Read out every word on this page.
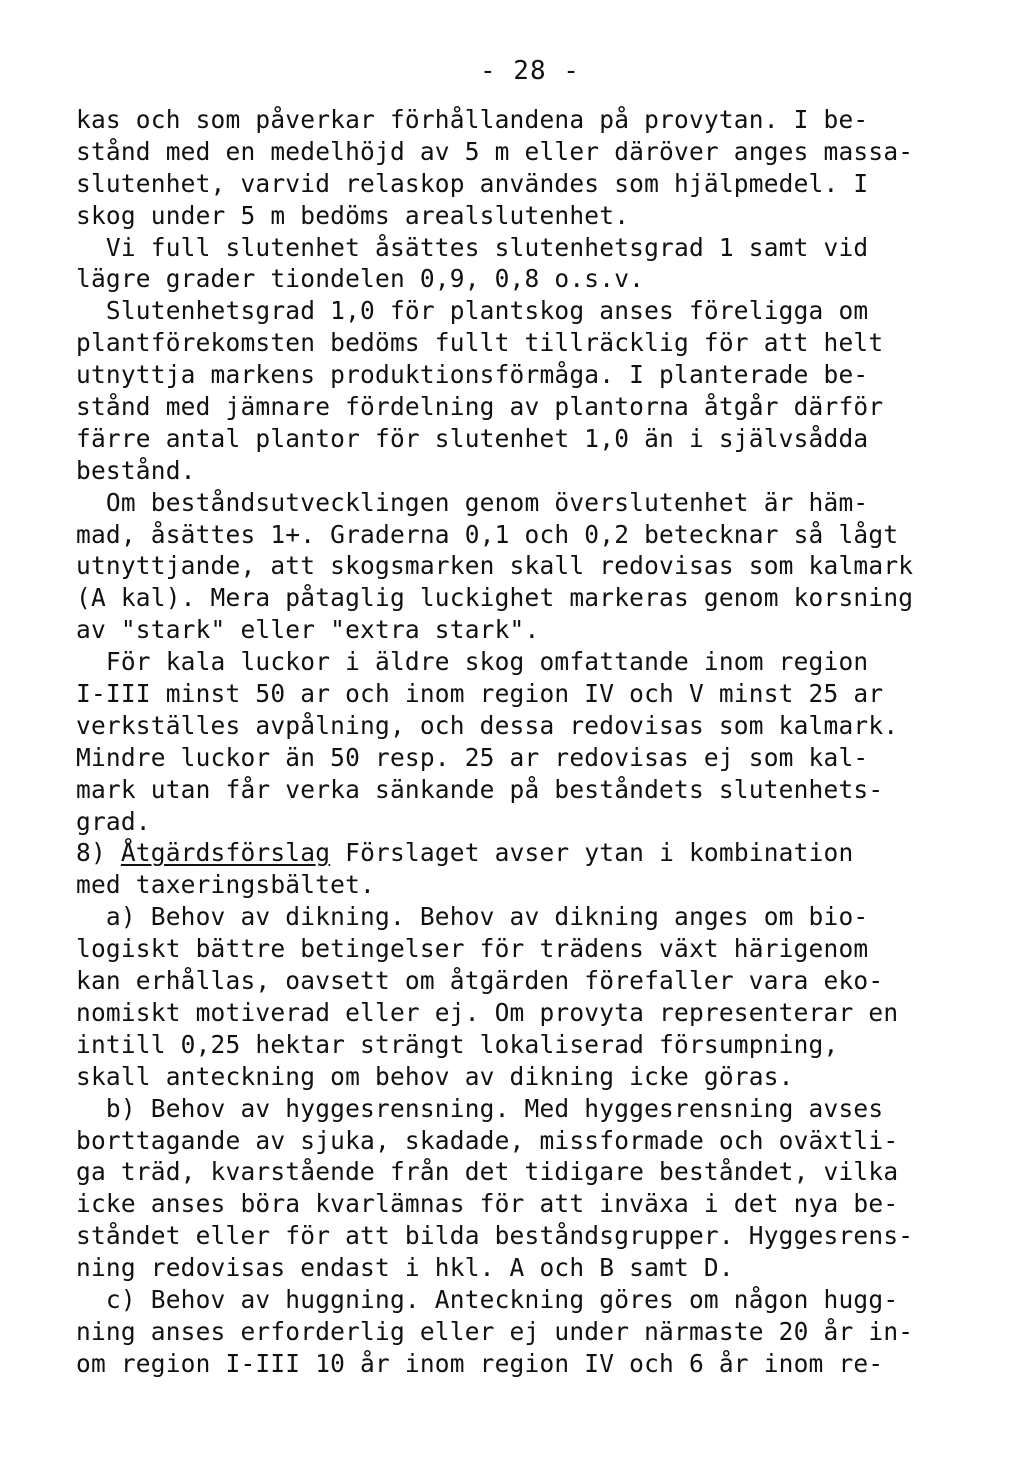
- 28 -
kas och som påverkar förhållandena på provytan. I be-
stånd med en medelhöjd av 5 m eller däröver anges massa-
slutenhet, varvid relaskop användes som hjälpmedel. I
skog under 5 m bedöms arealslutenhet.
Vi full slutenhet åsättes slutenhetsgrad 1 samt vid
lägre grader tiondelen 0,9, 0,8 o.s.v.
Slutenhetsgrad 1,0 för plantskog anses föreligga om
plantförekomsten bedöms fullt tillräcklig för att helt
utnyttja markens produktionsförmåga. I planterade be-
stånd med jämnare fördelning av plantorna åtgår därför
färre antal plantor för slutenhet 1,0 än i självsådda
bestånd.
Om beståndsutvecklingen genom överslutenhet är häm-
mad, åsättes 1+. Graderna 0,1 och 0,2 betecknar så lågt
utnyttjande, att skogsmarken skall redovisas som kalmark
(A kal). Mera påtaglig luckighet markeras genom korsning
av "stark" eller "extra stark".
För kala luckor i äldre skog omfattande inom region
I-III minst 50 ar och inom region IV och V minst 25 ar
verkställes avpålning, och dessa redovisas som kalmark.
Mindre luckor än 50 resp. 25 ar redovisas ej som kal-
mark utan får verka sänkande på beståndets slutenhets-
grad.
8) Åtgärdsförslag Förslaget avser ytan i kombination
med taxeringsbältet.
a) Behov av dikning. Behov av dikning anges om bio-
logiskt bättre betingelser för trädens växt härigenom
kan erhållas, oavsett om åtgärden förefaller vara eko-
nomiskt motiverad eller ej. Om provyta representerar en
intill 0,25 hektar strängt lokaliserad försumpning,
skall anteckning om behov av dikning icke göras.
b) Behov av hyggesrensning. Med hyggesrensning avses
borttagande av sjuka, skadade, missformade och oväxtli-
ga träd, kvarstående från det tidigare beståndet, vilka
icke anses böra kvarlämnas för att inväxa i det nya be-
ståndet eller för att bilda beståndsgrupper. Hyggesrens-
ning redovisas endast i hkl. A och B samt D.
c) Behov av huggning. Anteckning göres om någon hugg-
ning anses erforderlig eller ej under närmaste 20 år in-
om region I-III 10 år inom region IV och 6 år inom re-
